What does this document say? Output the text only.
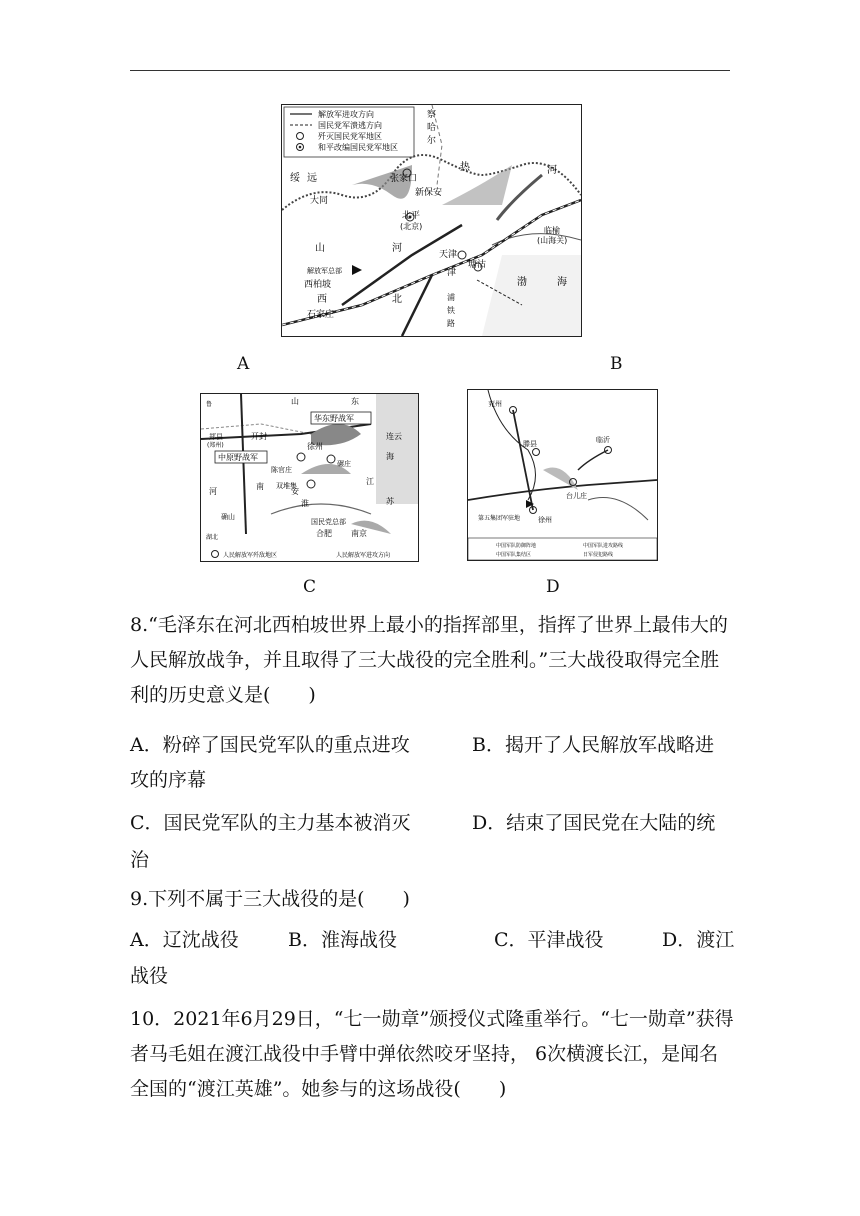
解放军进攻方向
国民党军溃逃方向
歼灭国民党军地区
和平改编国民党军地区
察
哈
尔
热	河
绥 远	张家口
新保安
大同
北平
(北京)	临榆
(山海关)
山	河
天津
解放军总部
西柏坡
西	北
塘沽
渤	海
石家庄
津
浦
铁
路
A	B
山	东
华东野战军
郑县
(郑州)
开封
中原野战军
徐州
碾庄
陈官庄
双堆集
连云
海
河
南
江
苏
确山
淮
安
国民党总部
南京
合肥
湖北
鲁
人民解放军歼敌地区	人民解放军进攻方向
兖州
滕县	临沂
台儿庄
第五集团军驻地	徐州
中国军队防御阵地	中国军队进攻路线
中国军队集结区	日军侵犯路线
C	D
8.“毛泽东在河北西柏坡世界上最小的指挥部里，指挥了世界上最伟大的人民解放战争，并且取得了三大战役的完全胜利。”三大战役取得完全胜利的历史意义是(　　)
A．粉碎了国民党军队的重点进攻	B．揭开了人民解放军战略进
攻的序幕
C．国民党军队的主力基本被消灭	D．结束了国民党在大陆的统
治
9.下列不属于三大战役的是(　　)
A．辽沈战役	B．淮海战役	C．平津战役	D．渡江
战役
10．2021年6月29日，“七一勋章”颁授仪式隆重举行。“七一勋章”获得者马毛姐在渡江战役中手臂中弹依然咬牙坚持， 6次横渡长江，是闻名全国的“渡江英雄”。她参与的这场战役(　　)
